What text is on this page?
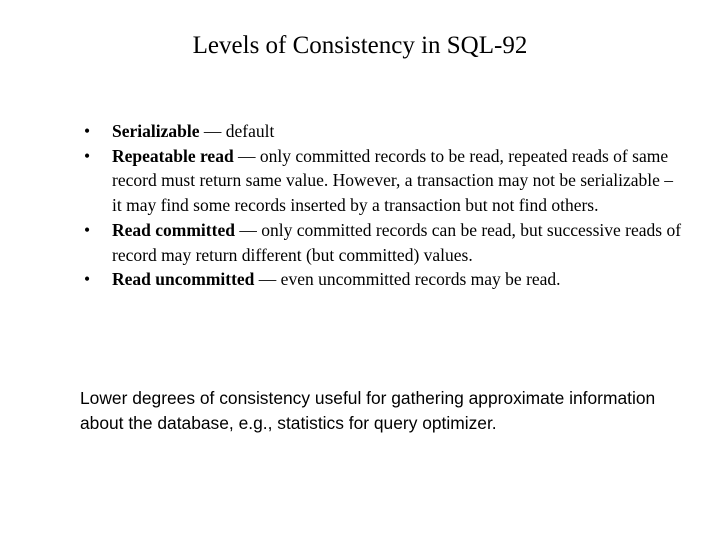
Levels of Consistency in SQL-92
• Serializable — default
• Repeatable read — only committed records to be read, repeated reads of same record must return same value. However, a transaction may not be serializable – it may find some records inserted by a transaction but not find others.
• Read committed — only committed records can be read, but successive reads of record may return different (but committed) values.
• Read uncommitted — even uncommitted records may be read.

Lower degrees of consistency useful for gathering approximate information about the database, e.g., statistics for query optimizer.
